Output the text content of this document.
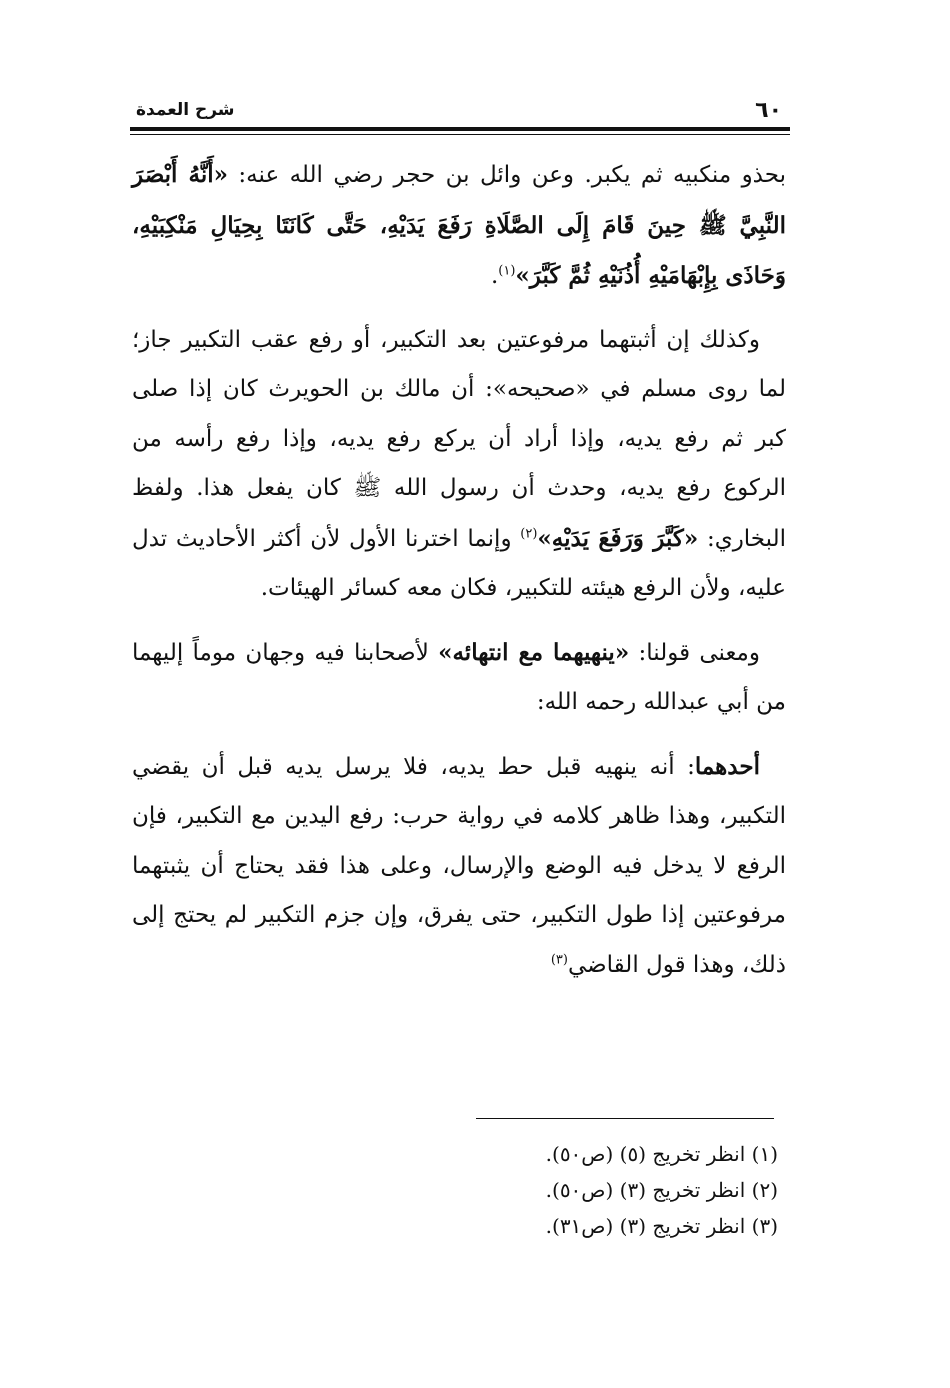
٦٠
شرح العمدة

بحذو منكبيه ثم يكبر. وعن وائل بن حجر رضي الله عنه: «أَنَّهُ أَبْصَرَ النَّبِيَّ ﷺ حِينَ قَامَ إِلَى الصَّلَاةِ رَفَعَ يَدَيْهِ، حَتَّى كَانَتَا بِحِيَالِ مَنْكِبَيْهِ، وَحَاذَى بِإِبْهَامَيْهِ أُذُنَيْهِ ثُمَّ كَبَّرَ»$^{(١)}$.

وكذلك إن أثبتهما مرفوعتين بعد التكبير، أو رفع عقب التكبير جاز؛ لما روى مسلم في «صحيحه»: أن مالك بن الحويرث كان إذا صلى كبر ثم رفع يديه، وإذا أراد أن يركع رفع يديه، وإذا رفع رأسه من الركوع رفع يديه، وحدث أن رسول الله ﷺ كان يفعل هذا. ولفظ البخاري: «كَبَّرَ وَرَفَعَ يَدَيْهِ»$^{(٢)}$ وإنما اخترنا الأول لأن أكثر الأحاديث تدل عليه، ولأن الرفع هيئته للتكبير، فكان معه كسائر الهيئات.

ومعنى قولنا: «ينهيهما مع انتهائه» لأصحابنا فيه وجهان موماً إليهما من أبي عبدالله رحمه الله:

أحدهما: أنه ينهيه قبل حط يديه، فلا يرسل يديه قبل أن يقضي التكبير، وهذا ظاهر كلامه في رواية حرب: رفع اليدين مع التكبير، فإن الرفع لا يدخل فيه الوضع والإرسال، وعلى هذا فقد يحتاج أن يثبتهما مرفوعتين إذا طول التكبير، حتى يفرق، وإن جزم التكبير لم يحتج إلى ذلك، وهذا قول القاضي$^{(٣)}$

(١) انظر تخريج (٥) (ص٥٠).
(٢) انظر تخريج (٣) (ص٥٠).
(٣) انظر تخريج (٣) (ص٣١).
